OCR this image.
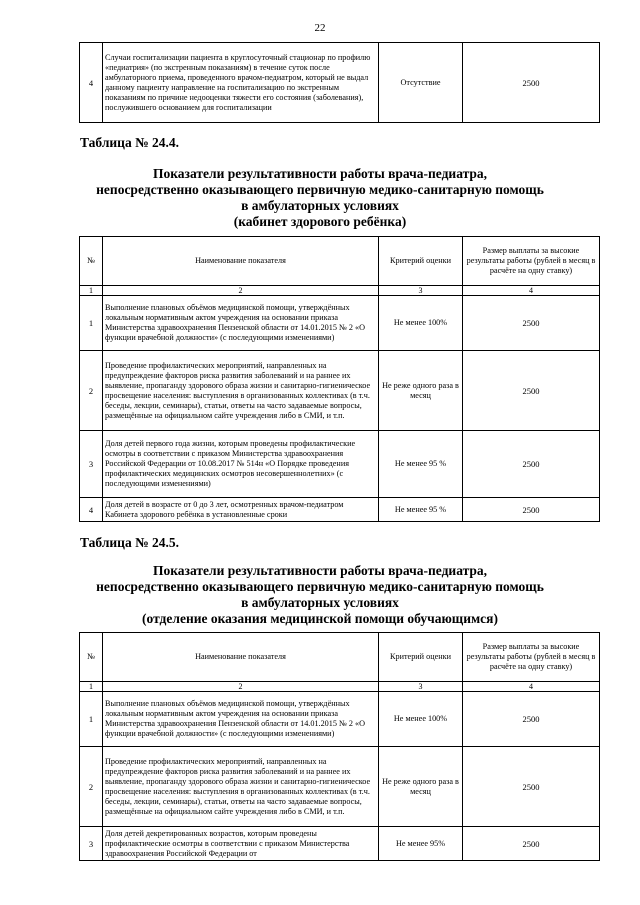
22
4	Случаи госпитализации пациента в круглосуточный стационар по профилю «педиатрия» (по экстренным показаниям) в течение суток после амбулаторного приема, проведенного врачом-педиатром, который не выдал данному пациенту направление на госпитализацию по экстренным показаниям по причине недооценки тяжести его состояния (заболевания), послужившего основанием для госпитализации	Отсутствие	2500
Таблица № 24.4.
Показатели результативности работы врача-педиатра,
непосредственно оказывающего первичную медико-санитарную помощь
в амбулаторных условиях
(кабинет здорового ребёнка)
№	Наименование показателя	Критерий оценки	Размер выплаты за высокие результаты работы (рублей в месяц в расчёте на одну ставку)
1	2	3	4
1	Выполнение плановых объёмов медицинской помощи, утверждённых локальным нормативным актом учреждения на основании приказа Министерства здравоохранения Пензенской области от 14.01.2015 № 2 «О функции врачебной должности» (с последующими изменениями)	Не менее 100%	2500
2	Проведение профилактических мероприятий, направленных на предупреждение факторов риска развития заболеваний и на раннее их выявление, пропаганду здорового образа жизни и санитарно-гигиеническое просвещение населения: выступления в организованных коллективах (в т.ч. беседы, лекции, семинары), статьи, ответы на часто задаваемые вопросы, размещённые на официальном сайте учреждения либо в СМИ, и т.п.	Не реже одного раза в месяц	2500
3	Доля детей первого года жизни, которым проведены профилактические осмотры в соответствии с приказом Министерства здравоохранения Российской Федерации от 10.08.2017 № 514н «О Порядке проведения профилактических медицинских осмотров несовершеннолетних» (с последующими изменениями)	Не менее 95 %	2500
4	Доля детей в возрасте от 0 до 3 лет, осмотренных врачом-педиатром Кабинета здорового ребёнка в установленные сроки	Не менее 95 %	2500
Таблица № 24.5.
Показатели результативности работы врача-педиатра,
непосредственно оказывающего первичную медико-санитарную помощь
в амбулаторных условиях
(отделение оказания медицинской помощи обучающимся)
№	Наименование показателя	Критерий оценки	Размер выплаты за высокие результаты работы (рублей в месяц в расчёте на одну ставку)
1	2	3	4
1	Выполнение плановых объёмов медицинской помощи, утверждённых локальным нормативным актом учреждения на основании приказа Министерства здравоохранения Пензенской области от 14.01.2015 № 2 «О функции врачебной должности» (с последующими изменениями)	Не менее 100%	2500
2	Проведение профилактических мероприятий, направленных на предупреждение факторов риска развития заболеваний и на раннее их выявление, пропаганду здорового образа жизни и санитарно-гигиеническое просвещение населения: выступления в организованных коллективах (в т.ч. беседы, лекции, семинары), статьи, ответы на часто задаваемые вопросы, размещённые на официальном сайте учреждения либо в СМИ, и т.п.	Не реже одного раза в месяц	2500
3	Доля детей декретированных возрастов, которым проведены профилактические осмотры в соответствии с приказом Министерства здравоохранения Российской Федерации от	Не менее 95%	2500
